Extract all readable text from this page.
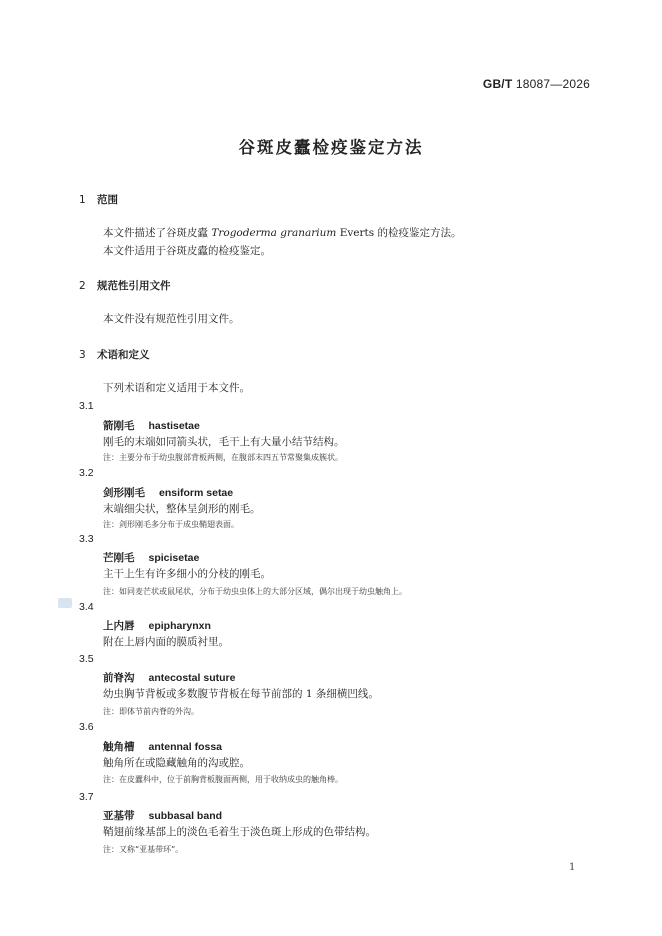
GB/T 18087—2026
谷斑皮蠹检疫鉴定方法
1 范围
本文件描述了谷斑皮蠹 Trogoderma granarium Everts 的检疫鉴定方法。
本文件适用于谷斑皮蠹的检疫鉴定。
2 规范性引用文件
本文件没有规范性引用文件。
3 术语和定义
下列术语和定义适用于本文件。
3.1
箭刚毛 hastisetae
刚毛的末端如同箭头状，毛干上有大量小结节结构。
注：主要分布于幼虫腹部背板两侧，在腹部末四五节常聚集成簇状。
3.2
剑形刚毛 ensiform setae
末端细尖状，整体呈剑形的刚毛。
注：剑形刚毛多分布于成虫鞘翅表面。
3.3
芒刚毛 spicisetae
主干上生有许多细小的分枝的刚毛。
注：如同麦芒状或鼠尾状，分布于幼虫虫体上的大部分区域，偶尔出现于幼虫触角上。
3.4
上内唇 epipharynxn
附在上唇内面的膜质衬里。
3.5
前脊沟 antecostal suture
幼虫胸节背板或多数腹节背板在每节前部的 1 条细横凹线。
注：即体节前内脊的外沟。
3.6
触角槽 antennal fossa
触角所在或隐藏触角的沟或腔。
注：在皮蠹科中，位于前胸背板腹面两侧，用于收纳成虫的触角棒。
3.7
亚基带 subbasal band
鞘翅前缘基部上的淡色毛着生于淡色斑上形成的色带结构。
注：又称“亚基带环”。
1
